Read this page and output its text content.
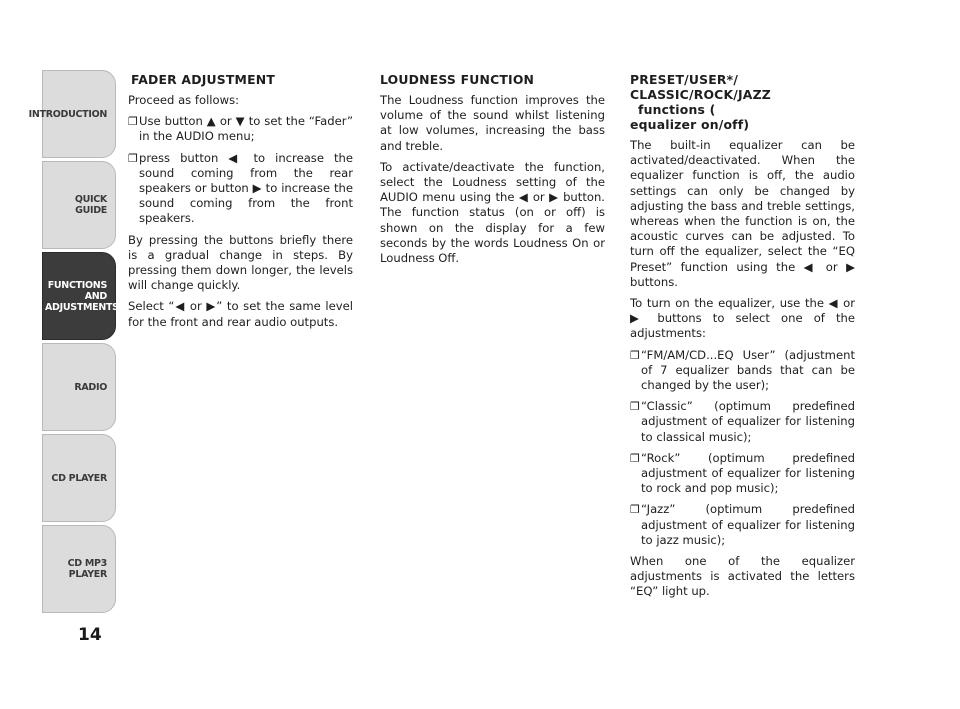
INTRODUCTION
QUICK GUIDE
FUNCTIONS AND ADJUSTMENTS
RADIO
CD PLAYER
CD MP3 PLAYER
14
FADER ADJUSTMENT

Proceed as follows:

❐Use button ▲ or ▼ to set the “Fader” in the AUDIO menu;

❐press button ◀ to increase the sound coming from the rear speakers or button ▶ to increase the sound coming from the front speakers.

By pressing the buttons briefly there is a gradual change in steps. By pressing them down longer, the levels will change quickly.

Select “◀ or ▶” to set the same level for the front and rear audio outputs.

LOUDNESS FUNCTION

The Loudness function improves the volume of the sound whilst listening at low volumes, increasing the bass and treble.

To activate/deactivate the function, select the Loudness setting of the AUDIO menu using the ◀ or ▶ button. The function status (on or off) is shown on the display for a few seconds by the words Loudness On or Loudness Off.

PRESET/USER*/
CLASSIC/ROCK/JAZZ
functions (
equalizer on/off)

The built-in equalizer can be activated/deactivated. When the equalizer function is off, the audio settings can only be changed by adjusting the bass and treble settings, whereas when the function is on, the acoustic curves can be adjusted. To turn off the equalizer, select the “EQ Preset” function using the ◀ or ▶ buttons.

To turn on the equalizer, use the ◀ or ▶ buttons to select one of the adjustments:

❐“FM/AM/CD...EQ User” (adjustment of 7 equalizer bands that can be changed by the user);

❐“Classic” (optimum predefined adjustment of equalizer for listening to classical music);

❐“Rock” (optimum predefined adjustment of equalizer for listening to rock and pop music);

❐“Jazz” (optimum predefined adjustment of equalizer for listening to jazz music);

When one of the equalizer adjustments is activated the letters “EQ” light up.
